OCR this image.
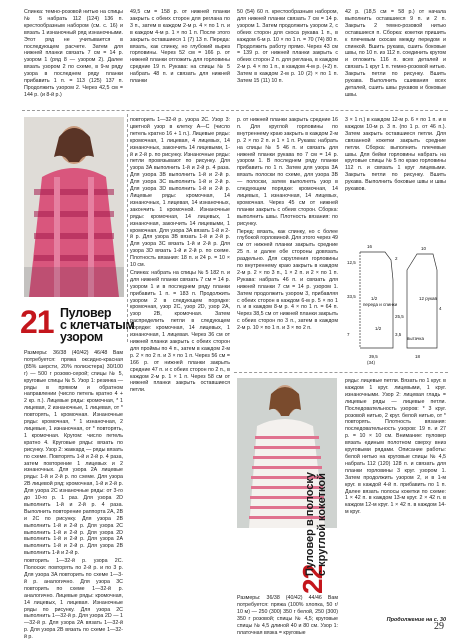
Спинка: темно-розовой нитью на спицы № 5 набрать 112 (124) 136 п. крестообразным набором (см. с. 16) и вязать 1 изнаночный ряд изнаночными. Этот ряд не учитывается в последующем расчете. Затем для нижней планки связать 7 см = 14 р. узором 1 (ряд 8 — узором 2). Далее вязать узором 2 по схеме, в 9-м ряду узора в последнем ряду планки прибавить 1 п. = 113 (125) 137 п. Продолжить узором 2. Через 42,5 см = 144 р. (и 8-й р.)

49,5 см = 158 р. от нижней планки закрыть с обеих сторон для реглана по 3 п., затем в каждом 2-м р. 4 × по 1 п. и в каждом 4-м р. 1 × по 1 п. После этого закрыть оставшиеся 1 (7) 13 п. Переда: вязать, как спинку, но глубокий вырез горловины. Через 52 см = 166 р. от нижней планки отложить для горловины средние 19 п. Рукава: на спицы № 5 набрать 48 п. и связать для нижней планки

50 (54) 60 п. крестообразным набором, для нижней планки связать 7 см = 14 р. узором 1. Затем продолжить узором 2, с обеих сторон для скоса рукава 1 п., в каждом 6-м р. 10 × по 1 п. = 70 (74) 80 п. Продолжить работу прямо. Через 43 см = 139 р. от нижней планки закрыть с обеих сторон 2 п. для реглана, в каждом 2-м р. 4 × по 1 п., в каждом 4-м р. (+2) п. Затем в каждом 2-м р. 10 (2) × по 1 п. Затем 15 (11) 10 п.

42 р. (18,5 см = 58 р.) от начала выполнить оставшиеся 9 п. и 2 п. Закрыть 2 темно-розовой нитью оставшиеся п. Сборка: кокетки пришить к плечевым скосам между передом и спинкой. Вшить рукава, сшить боковые швы, по 10 п. из 112 п. соединить кругом и отложить 116 п. всех деталей и связать 1 круг 1 п. темно-розовой нитью. Закрыть петли по рисунку. Вшить рукава. Выполнить сшивания всех деталей, сшить швы рукавов и боковые швы.

21 Пуловер
с клетчатым
узором

Размеры: 36/38 (40/42) 46/48 Вам потребуется: пряжа оксидно-красная (85% шерсти, 20% полиэстера) 30/100 г) — 500 г розово-серой; спицы № 5, круговые спицы № 5. Узор 1: резинка — ряды в прямом и обратном направлении (число петель кратно 4 + 2 кр. п.). Лицевые ряды: кромочная, * 1 лицевая, 2 изнаночные, 1 лицевая, от * повторять, 1 кромочная. Изнаночные ряды: кромочная, * 1 изнаночная, 2 лицевые, 1 изнаночная, от * повторять, 1 кромочная. Кругом: число петель кратно 4. Круговые ряды: вязать по рисунку. Узор 2: жаккард — ряды вязать по схеме. Повторять 1-й и 2-й р. 4 раза, затем повторение 1 лицевых и 2 изнаночных. Для узора 2А лицевые ряды: 1-й и 2-й р. по схеме. Для узора 2В лицевой ряд: кромочная, 1-й и 2-й р. Для узора 2С изнаночные ряды: от 3-го до 10-го р. 1 раз. Для узора 2D выполнить 1-й и 2-й р. 4 раза. Выполнить повторение раппорта 2А, 2В и 2С по рисунку. Для узора 2В выполнить 1-й и 2-й р. Для узора 2С выполнить 1-й и 2-й р. Для узора 2D выполнить 1-й и 2-й р. Для узора 2А выполнить 1-й и 2-й р. Для узора 2В выполнить 1-й и 2-й р.

повторить 1—32-й р. узора 2С. Полоски: повторять по 2-й р. и по 3 р. Для узора 3A повторить по схеме 1—3-й р. аналогично. Для узора 3С повторить по схеме 1—32-й р. аналогично. Лицевые ряды: кромочная, 14 лицевых, 1 лицевая. Изнаночные ряды по рисунку. Для узора 2С выполнить 1—32-й р. Для узора 2D — 1—32-й р. Для узора 2А вязать 1—32-й р. Для узора 2В вязать по схеме 1—32-й р.

повторить 1—32-й р. узора 2С. Узор 3: цветной узор в клетку А—С (число петель кратно 16 + 1 п.). Лицевые ряды: кромочная, 1 лицевая, 4 лицевых, 14 изнаночных, закончить 14 лицевыми, 1-й и 2-й р. по рисунку. Изнаночные ряды: петли провязывают по рисунку. Для узора 3A выполнить 1-й и 2-й р. 4 раза. Для узора 3B выполнить 1-й и 2-й р. Для узора 3C выполнить 1-й и 2-й р. Для узора 3D выполнить 1-й и 2-й р. Лицевые ряды: кромочная, 14 изнаночных, 1 лицевая, 14 изнаночных, закончить 1 кромочной. Изнаночные ряды: кромочная, 14 лицевых, 1 изнаночная, закончить 14 лицевыми, 1 кромочная. Для узора 3A вязать 1-й и 2-й р. Для узора 3B вязать 1-й и 2-й р. Для узора 3C вязать 1-й и 2-й р. Для узора 3D вязать 1-й и 2-й р. по схеме. Плотность вязания: 18 п. и 24 р. = 10 × 10 см.

Спинка: набрать на спицы № 5 182 п. и для нижней планки связать 7 см = 14 р. узором 1 и в последнем ряду планки прибавить 1 п. = 183 п. Продолжить узором 2 в следующем порядке: кромочная, узор 2С, узор 2D, узор 2А, узор 2В, кромочная. Затем распределить петли в следующем порядке: кромочная, 14 лицевых, 1 изнаночная, 1 лицевая. Через 36 см от нижней планки закрыть с обеих сторон для проймы по 4 п., затем в каждом 2-м р. 2 × по 2 п. и 3 × по 1 п. Через 56 см = 166 р. от нижней планки закрыть средние 47 п. и с обеих сторон по 2 п., в каждом 2-м р. 1 × 1 п. Через 58 см от нижней планки закрыть оставшиеся петли.

р. от нижней планки закрыть средние 16 п. Для круглой горловины по внутреннему краю закрыть в каждом 2-м р. 2 × по 2 п. и 1 × 1 п. Рукава: набрать на спицы № 5 46 п. и связать для нижней планки рукава по 7 см = 14 р. узором 1. В последнем ряду планки прибавить по 1 п. Затем для узора 3A вязать полоски по схеме, для узора 3B — полоски, затем выполнять узор в следующем порядке: кромочная, 14 лицевых, 1 изнаночная, 14 лицевых, кромочная. Через 45 см от нижней планки закрыть с обеих сторон. Сборка: выполнить швы. Плотность вязания: по рисунку.

Перед: вязать, как спинку, но с более глубокой горловиной. Для этого через 49 см от нижней планки закрыть средние 25 п. и далее обе стороны довязать раздельно. Для скругления горловины по внутреннему краю закрыть в каждом 2-м р. 2 × по 3 п., 1 × 2 п. и 2 × по 1 п. Рукава: набрать 46 п. и связать для нижней планки 7 см = 14 р. узором 1. Затем продолжить узором 3, прибавляя с обеих сторон в каждом 6-м р. 5 × по 1 п. и в каждом 8-м р. 4 × по 1 п. = 64 п. Через 38,5 см от нижней планки закрыть с обеих сторон по 3 п., затем в каждом 2-м р. 10 × по 1 п. и 3 × по 2 п.

3 × 1 п.) в каждом 12-м р. 6 × по 1 п. и в каждом 10-м р. 3 п. (по 1 р. от 46 п.). Затем закрыть оставшиеся петли. Для связанной кокетки закрыть средние петли. Сборка: выполнить плечевые швы. Для бейки горловины набрать на круговые спицы № 5 по краю горловины 112 п. и связать 1 круг лицевыми. Закрыть петли по рисунку. Вшить рукава. Выполнить боковые швы и швы рукавов.

16
12,5
2
10
1/2
переда и спинки
33,5
25,5
3,5
12 рукав
7
39,5	18
1/2
вытачка
(34)
4
22
Пуловер в полоску с круглой кокеткой

Размеры: 36/38 (40/42) 44/46 Вам потребуется: пряжа (100% хлопка, 50 г/ 10 м) — 250 (300) 350 г белой, 250 (300) 350 г розовой; спицы № 4,5; круговые спицы № 4,5 длиной 40 и 80 см. Узор 1: платочная вязка = круговые

ряды: лицевые петли. Вязать по 1 круг. в каждом 1 круг. лицевыми, 1 круг. изнаночными. Узор 2: лицевая гладь = лицевые ряды — лицевые петли. Последовательность узоров: * 3 круг. розовой нитью, 2 круг. белой нитью, от * повторять. Плотность вязания: последовательность узоров: 19 п. и 27 р. = 10 × 10 см. Внимание: пуловер вязать единым полотном сверху вниз круговыми рядами. Описание работы: белой нитью на круговые спицы № 4,5 набрать 112 (120) 128 п. и связать для планки горловины 3 круг. узором 1. Затем продолжить узором 2, и в 1-м круг. в каждой 4-й п. прибавить по 1 п. Далее вязать полосы кокетки по схеме: 1 × 42 п. в каждом 13-м круг. 2 × 42 п. в каждом 12-м круг. 1 × 42 п. в каждом 14-м круг.

Продолжение на с. 30
29
